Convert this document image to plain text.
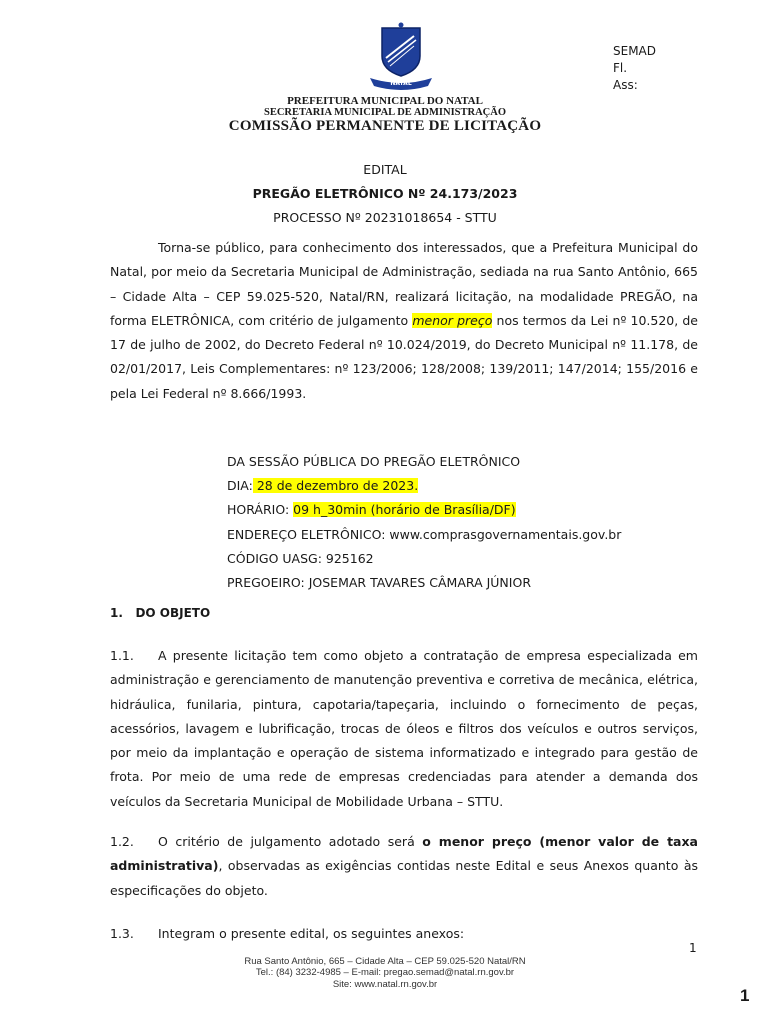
NATAL
SEMAD
Fl.
Ass:
PREFEITURA MUNICIPAL DO NATAL
SECRETARIA MUNICIPAL DE ADMINISTRAÇÃO
COMISSÃO PERMANENTE DE LICITAÇÃO
EDITAL
PREGÃO ELETRÔNICO Nº 24.173/2023
PROCESSO Nº 20231018654 - STTU
Torna-se público, para conhecimento dos interessados, que a Prefeitura Municipal do Natal, por meio da Secretaria Municipal de Administração, sediada na rua Santo Antônio, 665 – Cidade Alta – CEP 59.025-520, Natal/RN, realizará licitação, na modalidade PREGÃO, na forma ELETRÔNICA, com critério de julgamento menor preço nos termos da Lei nº 10.520, de 17 de julho de 2002, do Decreto Federal nº 10.024/2019, do Decreto Municipal nº 11.178, de 02/01/2017, Leis Complementares: nº 123/2006; 128/2008; 139/2011; 147/2014; 155/2016 e pela Lei Federal nº 8.666/1993.
DA SESSÃO PÚBLICA DO PREGÃO ELETRÔNICO
DIA: 28 de dezembro de 2023.
HORÁRIO: 09 h_30min (horário de Brasília/DF)
ENDEREÇO ELETRÔNICO: www.comprasgovernamentais.gov.br
CÓDIGO UASG: 925162
PREGOEIRO: JOSEMAR TAVARES CÂMARA JÚNIOR
1.   DO OBJETO
1.1. A presente licitação tem como objeto a contratação de empresa especializada em administração e gerenciamento de manutenção preventiva e corretiva de mecânica, elétrica, hidráulica, funilaria, pintura, capotaria/tapeçaria, incluindo o fornecimento de peças, acessórios, lavagem e lubrificação, trocas de óleos e filtros dos veículos e outros serviços, por meio da implantação e operação de sistema informatizado e integrado para gestão de frota. Por meio de uma rede de empresas credenciadas para atender a demanda dos veículos da Secretaria Municipal de Mobilidade Urbana – STTU.
1.2. O critério de julgamento adotado será o menor preço (menor valor de taxa administrativa), observadas as exigências contidas neste Edital e seus Anexos quanto às especificações do objeto.
1.3. Integram o presente edital, os seguintes anexos:
1
Rua Santo Antônio, 665 – Cidade Alta – CEP 59.025-520 Natal/RN
Tel.: (84) 3232-4985 – E-mail: pregao.semad@natal.rn.gov.br
Site: www.natal.rn.gov.br
1
